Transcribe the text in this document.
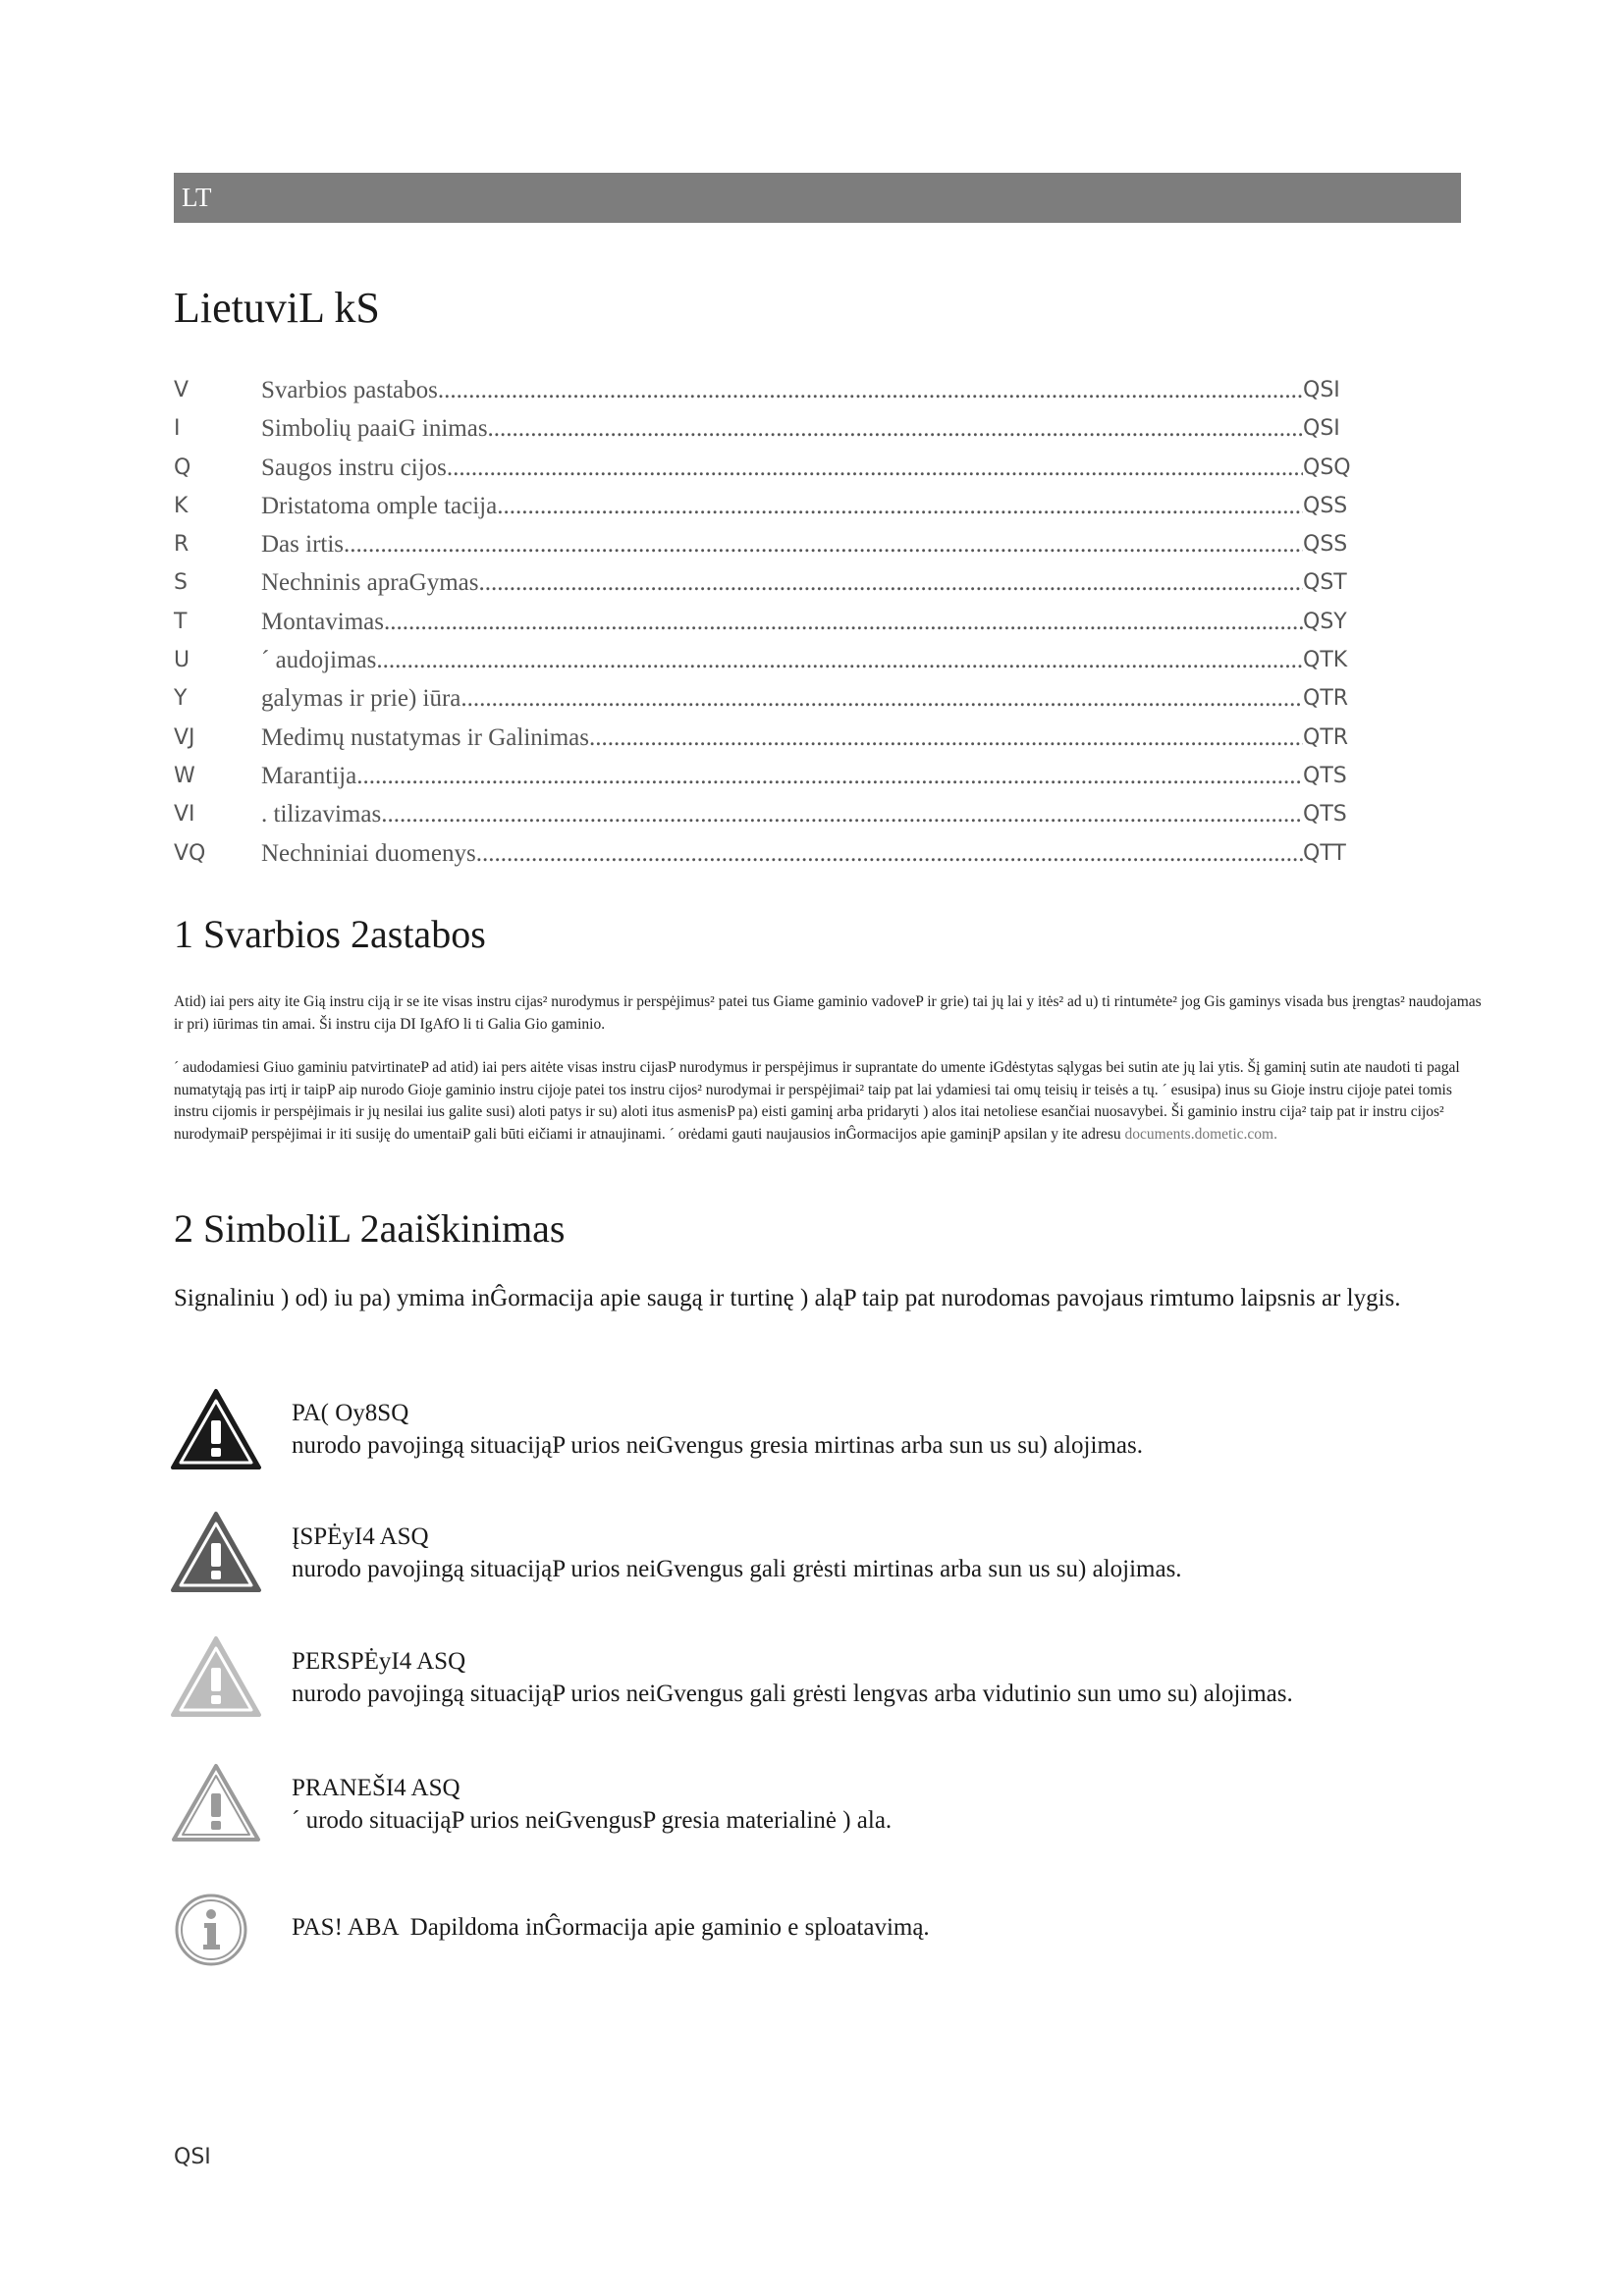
LT
LietuviL kS
V	Svarbios pastabos .....	QSI
I	Simbolių paaiG inimas .....	QSI
Q	Saugos instru cijos .....	QSQ
K	Dristatoma omple tacija .....	QSS
R	Das irtis .....	QSS
S	Nechninis apraGymas .....	QST
T	Montavimas .....	QSY
U	´ audojimas .....	QTK
Y	galymas ir prie) iūra .....	QTR
VJ	Medimų nustatymas ir Galinimas .....	QTR
W	Marantija .....	QTS
VI	. tilizavimas .....	QTS
VQ Nechniniai duomenys .....	QTT
1 Svarbios 2astabos

Atid) iai pers aity ite Gią instru ciją ir se ite visas instru cijas² nurodymus ir perspėjimus² patei tus Giame gaminio vadoveP ir grie) tai jų lai y itės² ad u) ti rintumėte² jog Gis gaminys visada bus įrengtas² naudojamas ir pri) iūrimas tin amai. Ši instru cija DI IgAfO li ti Galia Gio gaminio.

´ audodamiesi Giuo gaminiu patvirtinateP ad atid) iai pers aitėte visas instru cijasP nurodymus ir perspėjimus ir suprantate do umente iGdėstytas sąlygas bei sutin ate jų lai ytis. Šį gaminį sutin ate naudoti ti pagal numatytąją pas irtį ir taipP aip nurodo Gioje gaminio instru cijoje patei tos instru cijos² nurodymai ir perspėjimai² taip pat lai ydamiesi tai omų teisių ir teisės a tų. ´ esusipa) inus su Gioje instru cijoje patei tomis instru cijomis ir perspėjimais ir jų nesilai ius galite susi) aloti patys ir su) aloti itus asmenisP pa) eisti gaminį arba pridaryti ) alos itai netoliese esančiai nuosavybei. Ši gaminio instru cija² taip pat ir instru cijos² nurodymaiP perspėjimai ir iti susiję do umentaiP gali būti eičiami ir atnaujinami. ´ orėdami gauti naujausios inĜormacijos apie gaminįP apsilan y ite adresu documents.dometic.com.

2 SimboliL 2aaiškinimas

Signaliniu ) od) iu pa) ymima inĜormacija apie saugą ir turtinę ) aląP taip pat nurodomas pavojaus rimtumo laipsnis ar lygis.

PA( Oy8SQ
nurodo pavojingą situacijąP urios neiGvengus gresia mirtinas arba sun us su) alojimas.
ĮSPĖyI4 ASQ
nurodo pavojingą situacijąP urios neiGvengus gali grėsti mirtinas arba sun us su) alojimas.
PERSPĖyI4 ASQ
nurodo pavojingą situacijąP urios neiGvengus gali grėsti lengvas arba vidutinio sun umo su) alojimas.
PRANEŠI4 ASQ
´ urodo situacijąP urios neiGvengusP gresia materialinė ) ala.
PAS! ABA Dapildoma inĜormacija apie gaminio e sploatavimą.
QSI
